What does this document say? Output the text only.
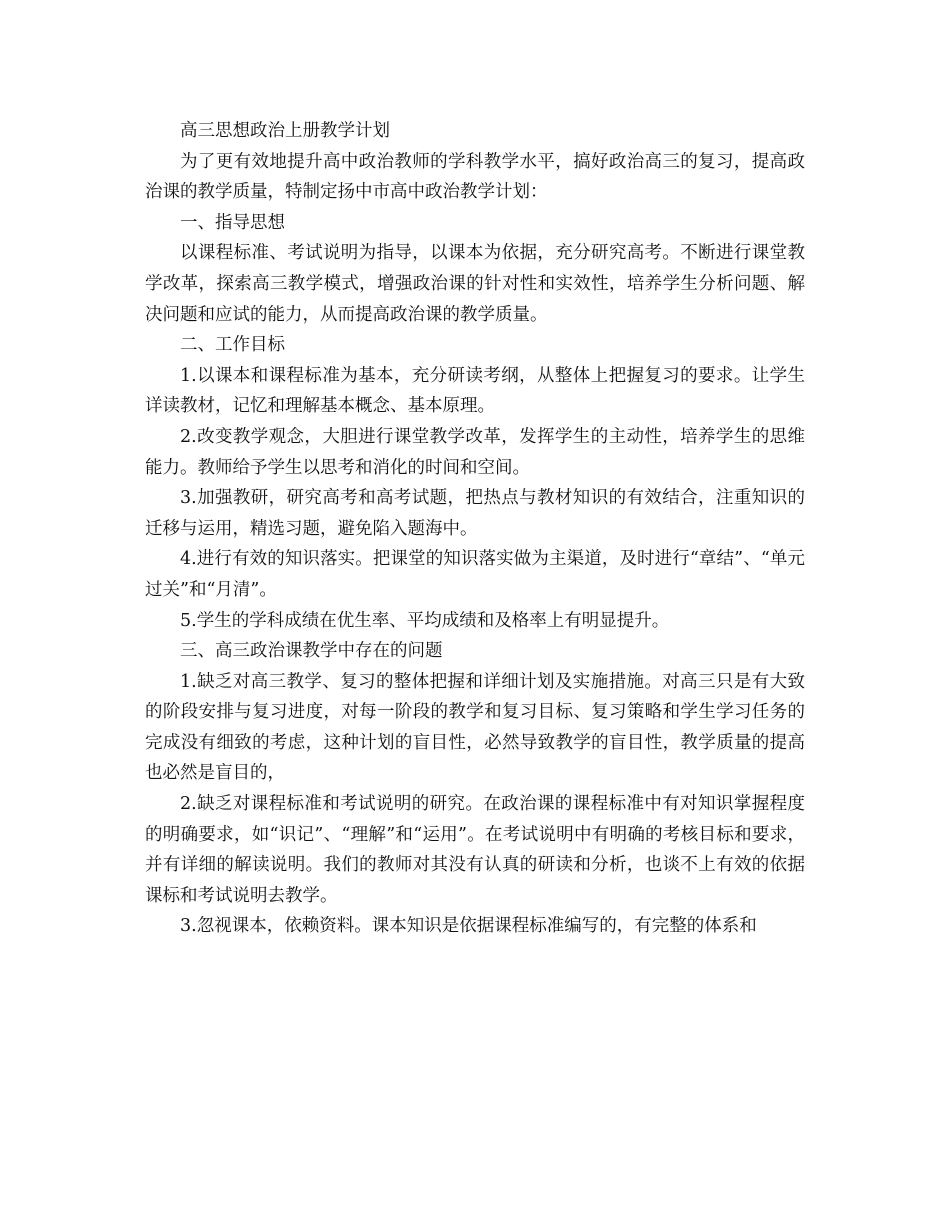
高三思想政治上册教学计划

为了更有效地提升高中政治教师的学科教学水平，搞好政治高三的复习，提高政治课的教学质量，特制定扬中市高中政治教学计划：

一、指导思想

以课程标准、考试说明为指导，以课本为依据，充分研究高考。不断进行课堂教学改革，探索高三教学模式，增强政治课的针对性和实效性，培养学生分析问题、解决问题和应试的能力，从而提高政治课的教学质量。

二、工作目标

1.以课本和课程标准为基本，充分研读考纲，从整体上把握复习的要求。让学生详读教材，记忆和理解基本概念、基本原理。

2.改变教学观念，大胆进行课堂教学改革，发挥学生的主动性，培养学生的思维能力。教师给予学生以思考和消化的时间和空间。

3.加强教研，研究高考和高考试题，把热点与教材知识的有效结合，注重知识的迁移与运用，精选习题，避免陷入题海中。

4.进行有效的知识落实。把课堂的知识落实做为主渠道，及时进行“章结”、“单元过关”和“月清”。

5.学生的学科成绩在优生率、平均成绩和及格率上有明显提升。

三、高三政治课教学中存在的问题

1.缺乏对高三教学、复习的整体把握和详细计划及实施措施。对高三只是有大致的阶段安排与复习进度，对每一阶段的教学和复习目标、复习策略和学生学习任务的完成没有细致的考虑，这种计划的盲目性，必然导致教学的盲目性，教学质量的提高也必然是盲目的，

2.缺乏对课程标准和考试说明的研究。在政治课的课程标准中有对知识掌握程度的明确要求，如“识记”、“理解”和“运用”。在考试说明中有明确的考核目标和要求，并有详细的解读说明。我们的教师对其没有认真的研读和分析，也谈不上有效的依据课标和考试说明去教学。

3.忽视课本，依赖资料。课本知识是依据课程标准编写的，有完整的体系和
